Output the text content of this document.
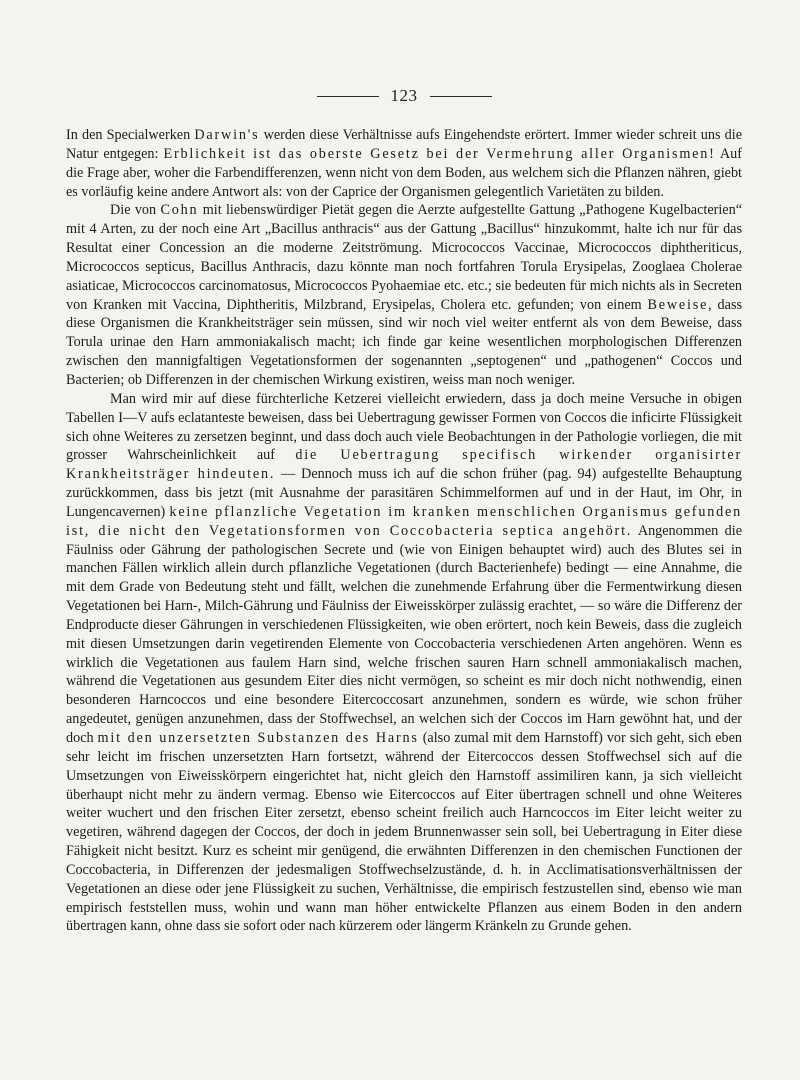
123

In den Specialwerken Darwin's werden diese Verhältnisse aufs Eingehendste erörtert. Immer wieder schreit uns die Natur entgegen: Erblichkeit ist das oberste Gesetz bei der Vermehrung aller Organismen! Auf die Frage aber, woher die Farbendifferenzen, wenn nicht von dem Boden, aus welchem sich die Pflanzen nähren, giebt es vorläufig keine andere Antwort als: von der Caprice der Organismen gelegentlich Varietäten zu bilden.

Die von Cohn mit liebenswürdiger Pietät gegen die Aerzte aufgestellte Gattung „Pathogene Kugelbacterien“ mit 4 Arten, zu der noch eine Art „Bacillus anthracis“ aus der Gattung „Bacillus“ hinzukommt, halte ich nur für das Resultat einer Concession an die moderne Zeitströmung. Micrococcos Vaccinae, Micrococcos diphtheriticus, Micrococcos septicus, Bacillus Anthracis, dazu könnte man noch fortfahren Torula Erysipelas, Zooglaea Cholerae asiaticae, Micrococcos carcinomatosus, Micrococcos Pyohaemiae etc. etc.; sie bedeuten für mich nichts als in Secreten von Kranken mit Vaccina, Diphtheritis, Milzbrand, Erysipelas, Cholera etc. gefunden; von einem Beweise, dass diese Organismen die Krankheitsträger sein müssen, sind wir noch viel weiter entfernt als von dem Beweise, dass Torula urinae den Harn ammoniakalisch macht; ich finde gar keine wesentlichen morphologischen Differenzen zwischen den mannigfaltigen Vegetationsformen der sogenannten „septogenen“ und „pathogenen“ Coccos und Bacterien; ob Differenzen in der chemischen Wirkung existiren, weiss man noch weniger.

Man wird mir auf diese fürchterliche Ketzerei vielleicht erwiedern, dass ja doch meine Versuche in obigen Tabellen I—V aufs eclatanteste beweisen, dass bei Uebertragung gewisser Formen von Coccos die inficirte Flüssigkeit sich ohne Weiteres zu zersetzen beginnt, und dass doch auch viele Beobachtungen in der Pathologie vorliegen, die mit grosser Wahrscheinlichkeit auf die Uebertragung specifisch wirkender organisirter Krankheitsträger hindeuten. — Dennoch muss ich auf die schon früher (pag. 94) aufgestellte Behauptung zurückkommen, dass bis jetzt (mit Ausnahme der parasitären Schimmelformen auf und in der Haut, im Ohr, in Lungencavernen) keine pflanzliche Vegetation im kranken menschlichen Organismus gefunden ist, die nicht den Vegetationsformen von Coccobacteria septica angehört. Angenommen die Fäulniss oder Gährung der pathologischen Secrete und (wie von Einigen behauptet wird) auch des Blutes sei in manchen Fällen wirklich allein durch pflanzliche Vegetationen (durch Bacterienhefe) bedingt — eine Annahme, die mit dem Grade von Bedeutung steht und fällt, welchen die zunehmende Erfahrung über die Fermentwirkung diesen Vegetationen bei Harn-, Milch-Gährung und Fäulniss der Eiweisskörper zulässig erachtet, — so wäre die Differenz der Endproducte dieser Gährungen in verschiedenen Flüssigkeiten, wie oben erörtert, noch kein Beweis, dass die zugleich mit diesen Umsetzungen darin vegetirenden Elemente von Coccobacteria verschiedenen Arten angehören. Wenn es wirklich die Vegetationen aus faulem Harn sind, welche frischen sauren Harn schnell ammoniakalisch machen, während die Vegetationen aus gesundem Eiter dies nicht vermögen, so scheint es mir doch nicht nothwendig, einen besonderen Harncoccos und eine besondere Eitercoccosart anzunehmen, sondern es würde, wie schon früher angedeutet, genügen anzunehmen, dass der Stoffwechsel, an welchen sich der Coccos im Harn gewöhnt hat, und der doch mit den unzersetzten Substanzen des Harns (also zumal mit dem Harnstoff) vor sich geht, sich eben sehr leicht im frischen unzersetzten Harn fortsetzt, während der Eitercoccos dessen Stoffwechsel sich auf die Umsetzungen von Eiweisskörpern eingerichtet hat, nicht gleich den Harnstoff assimiliren kann, ja sich vielleicht überhaupt nicht mehr zu ändern vermag. Ebenso wie Eitercoccos auf Eiter übertragen schnell und ohne Weiteres weiter wuchert und den frischen Eiter zersetzt, ebenso scheint freilich auch Harncoccos im Eiter leicht weiter zu vegetiren, während dagegen der Coccos, der doch in jedem Brunnenwasser sein soll, bei Uebertragung in Eiter diese Fähigkeit nicht besitzt. Kurz es scheint mir genügend, die erwähnten Differenzen in den chemischen Functionen der Coccobacteria, in Differenzen der jedesmaligen Stoffwechselzustände, d. h. in Acclimatisationsverhältnissen der Vegetationen an diese oder jene Flüssigkeit zu suchen, Verhältnisse, die empirisch festzustellen sind, ebenso wie man empirisch feststellen muss, wohin und wann man höher entwickelte Pflanzen aus einem Boden in den andern übertragen kann, ohne dass sie sofort oder nach kürzerem oder längerm Kränkeln zu Grunde gehen.
